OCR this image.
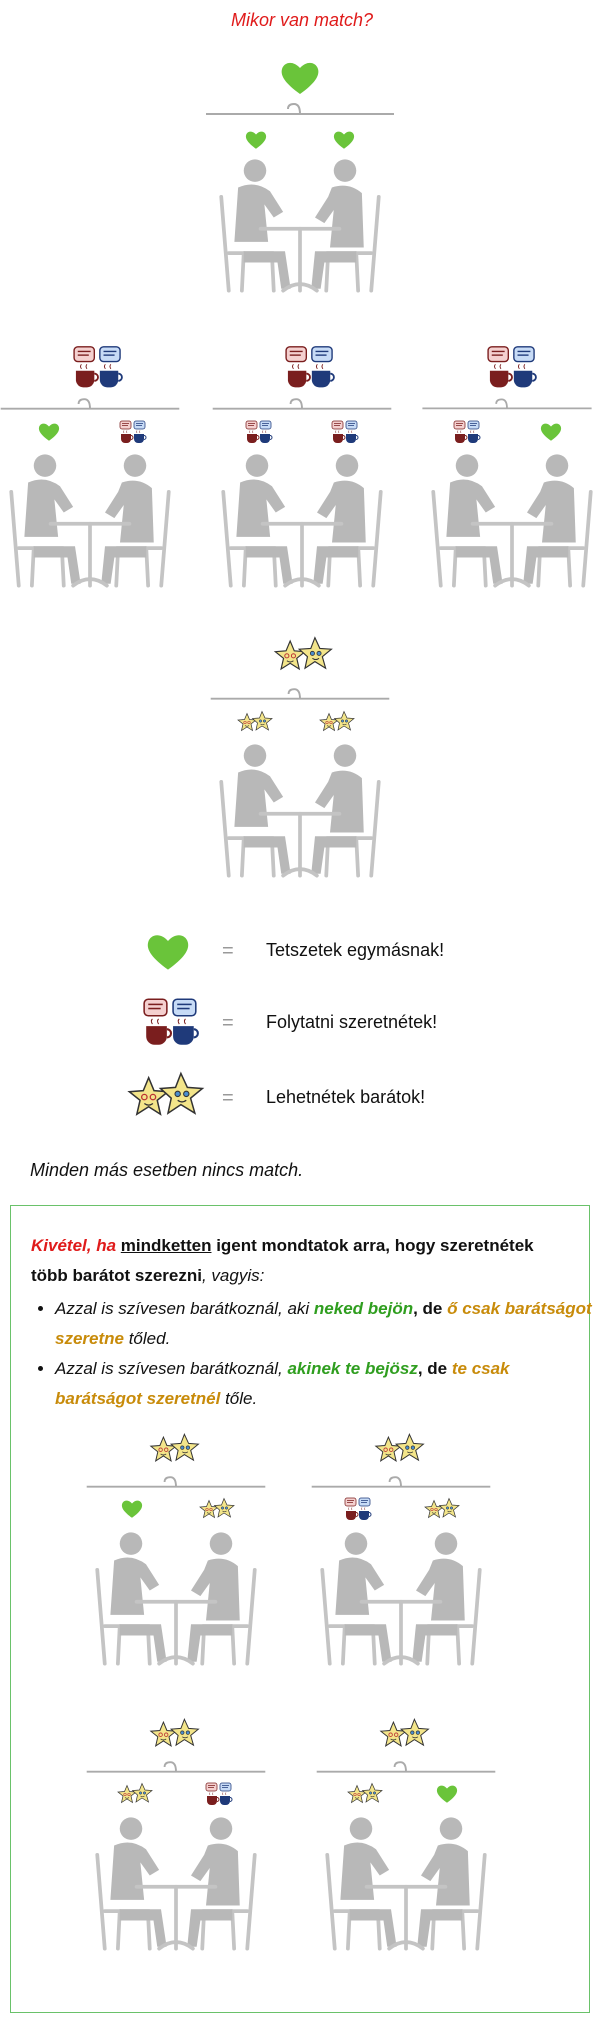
Mikor van match?
= Tetszetek egymásnak!
= Folytatni szeretnétek!
= Lehetnétek barátok!
Minden más esetben nincs match.
Kivétel, ha mindketten igent mondtatok arra, hogy szeretnétek több barátot szerezni, vagyis:
• Azzal is szívesen barátkoznál, aki neked bejön, de ő csak barátságot szeretne tőled.
• Azzal is szívesen barátkoznál, akinek te bejösz, de te csak barátságot szeretnél tőle.
